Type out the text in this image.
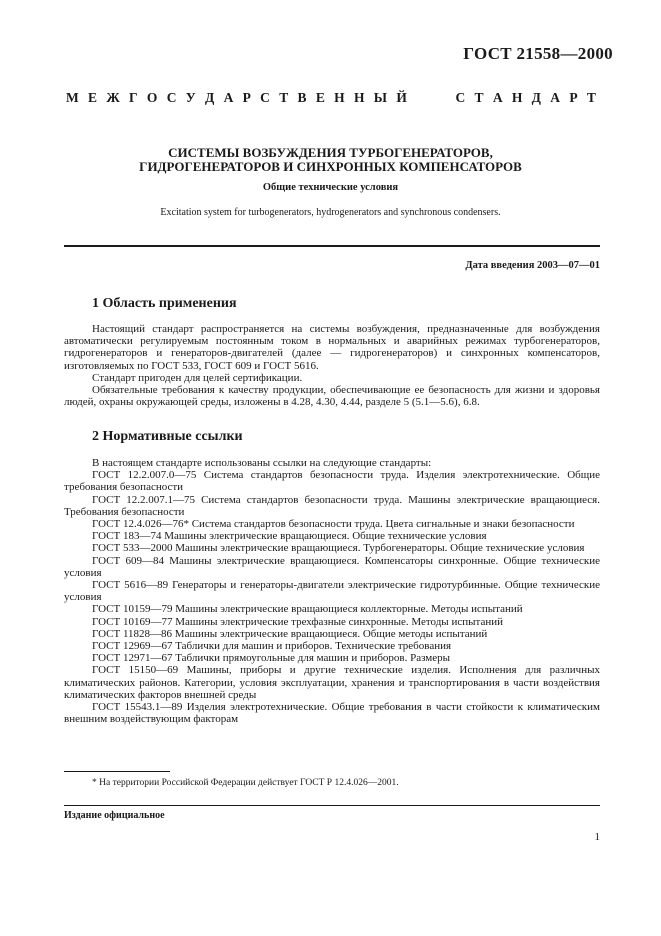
ГОСТ 21558—2000
М Е Ж Г О С У Д А Р С Т В Е Н Н Ы Й	С Т А Н Д А Р Т
СИСТЕМЫ ВОЗБУЖДЕНИЯ ТУРБОГЕНЕРАТОРОВ,
ГИДРОГЕНЕРАТОРОВ И СИНХРОННЫХ КОМПЕНСАТОРОВ
Общие технические условия
Excitation system for turbogenerators, hydrogenerators and synchronous condensers.
Дата введения 2003—07—01
1 Область применения

Настоящий стандарт распространяется на системы возбуждения, предназначенные для возбуждения автоматически регулируемым постоянным током в нормальных и аварийных режимах турбогенераторов, гидрогенераторов и генераторов-двигателей (далее — гидрогенераторов) и синхронных компенсаторов, изготовляемых по ГОСТ 533, ГОСТ 609 и ГОСТ 5616.

Стандарт пригоден для целей сертификации.

Обязательные требования к качеству продукции, обеспечивающие ее безопасность для жизни и здоровья людей, охраны окружающей среды, изложены в 4.28, 4.30, 4.44, разделе 5 (5.1—5.6), 6.8.

2 Нормативные ссылки

В настоящем стандарте использованы ссылки на следующие стандарты:

ГОСТ 12.2.007.0—75 Система стандартов безопасности труда. Изделия электротехнические. Общие требования безопасности

ГОСТ 12.2.007.1—75 Система стандартов безопасности труда. Машины электрические вращающиеся. Требования безопасности

ГОСТ 12.4.026—76* Система стандартов безопасности труда. Цвета сигнальные и знаки безопасности

ГОСТ 183—74 Машины электрические вращающиеся. Общие технические условия

ГОСТ 533—2000 Машины электрические вращающиеся. Турбогенераторы. Общие технические условия

ГОСТ 609—84 Машины электрические вращающиеся. Компенсаторы синхронные. Общие технические условия

ГОСТ 5616—89 Генераторы и генераторы-двигатели электрические гидротурбинные. Общие технические условия

ГОСТ 10159—79 Машины электрические вращающиеся коллекторные. Методы испытаний

ГОСТ 10169—77 Машины электрические трехфазные синхронные. Методы испытаний

ГОСТ 11828—86 Машины электрические вращающиеся. Общие методы испытаний

ГОСТ 12969—67 Таблички для машин и приборов. Технические требования

ГОСТ 12971—67 Таблички прямоугольные для машин и приборов. Размеры

ГОСТ 15150—69 Машины, приборы и другие технические изделия. Исполнения для различных климатических районов. Категории, условия эксплуатации, хранения и транспортирования в части воздействия климатических факторов внешней среды

ГОСТ 15543.1—89 Изделия электротехнические. Общие требования в части стойкости к климатическим внешним воздействующим факторам

* На территории Российской Федерации действует ГОСТ Р 12.4.026—2001.
Издание официальное
1
